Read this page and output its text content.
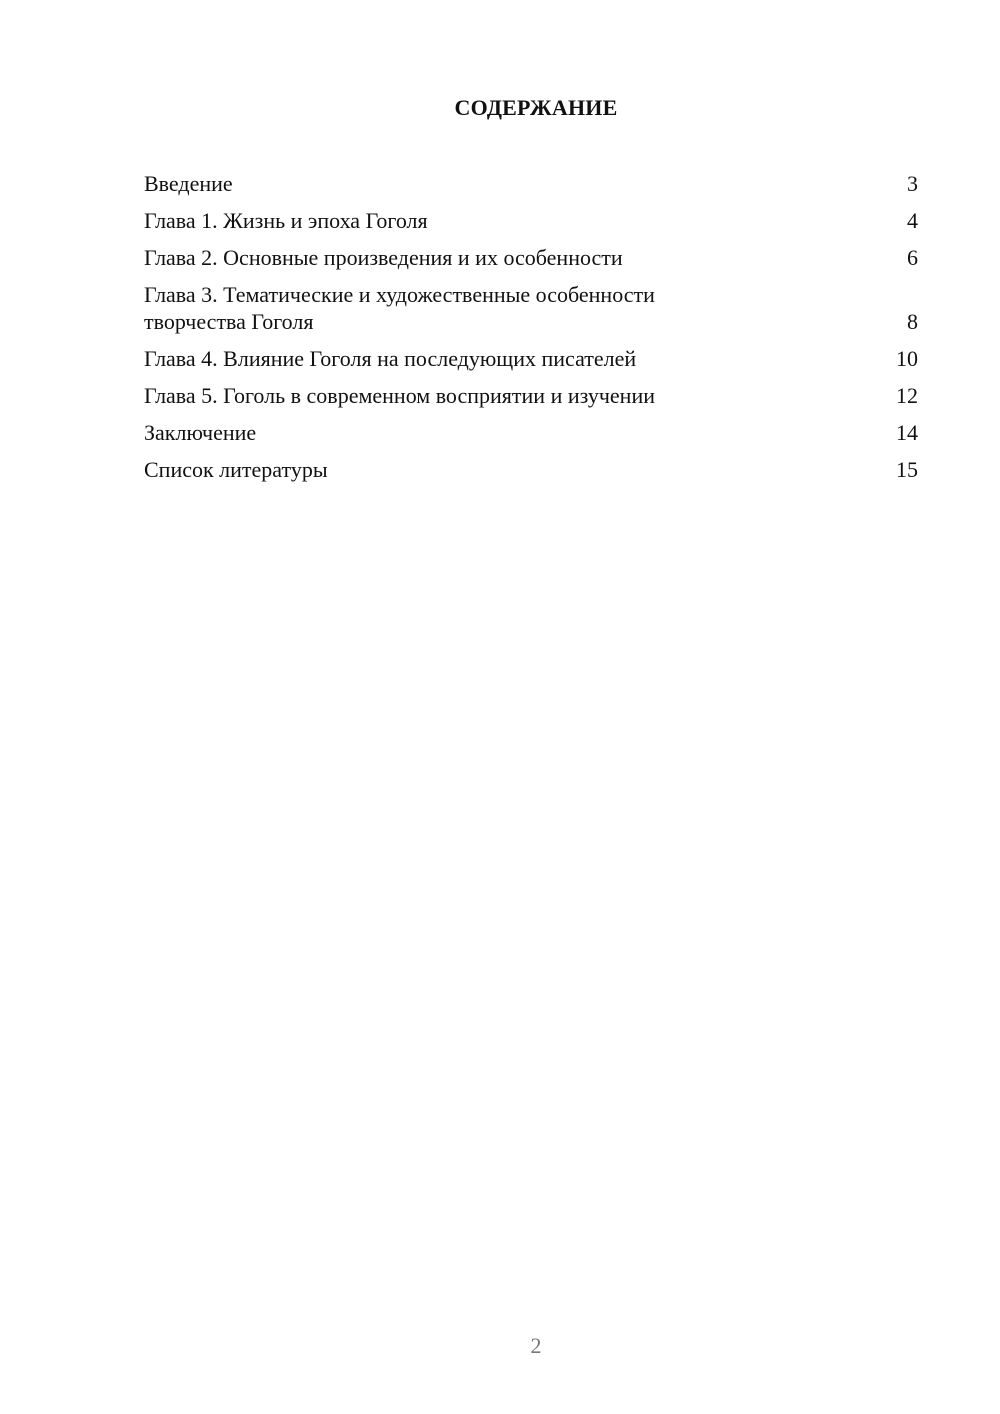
СОДЕРЖАНИЕ
Введение	3
Глава 1. Жизнь и эпоха Гоголя	4
Глава 2. Основные произведения и их особенности	6
Глава 3. Тематические и художественные особенности творчества Гоголя	8
Глава 4. Влияние Гоголя на последующих писателей	10
Глава 5. Гоголь в современном восприятии и изучении	12
Заключение	14
Список литературы	15
2
